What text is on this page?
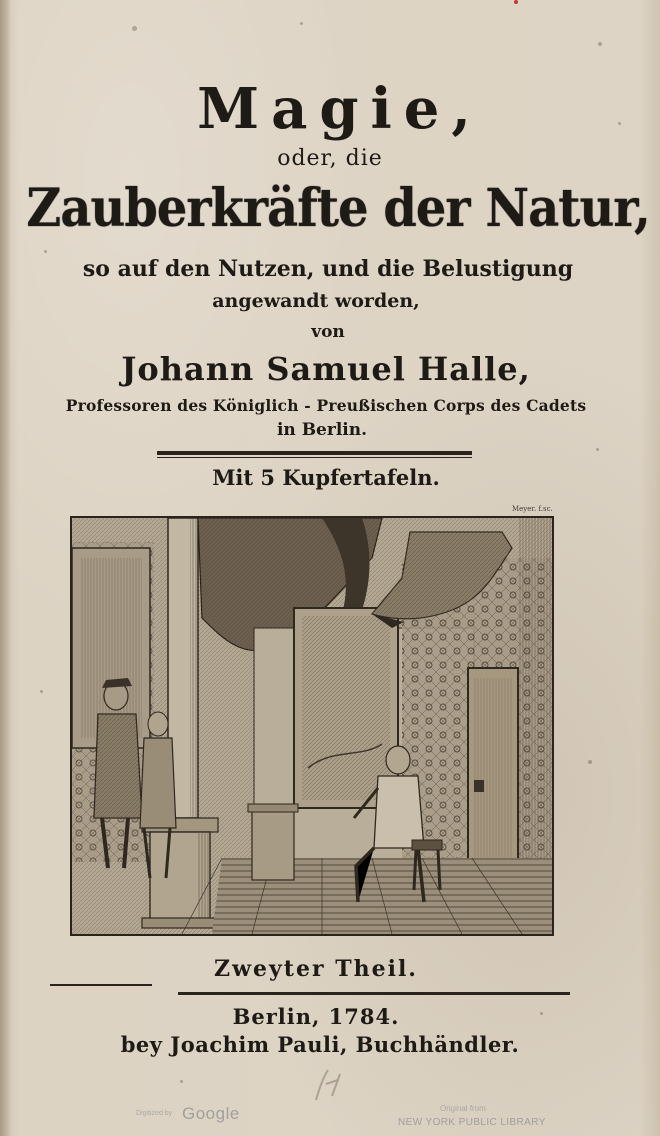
Magie,
oder, die
Zauberkräfte der Natur,
so auf den Nutzen, und die Belustigung
angewandt worden,
von
Johann Samuel Halle,
Professoren des Königlich - Preußischen Corps des Cadets
in Berlin.
Mit 5 Kupfertafeln.
Meyer. f.sc.
Zweyter Theil.
Berlin, 1784.
bey Joachim Pauli, Buchhändler.
Digitized by Google	Original from
NEW YORK PUBLIC LIBRARY
